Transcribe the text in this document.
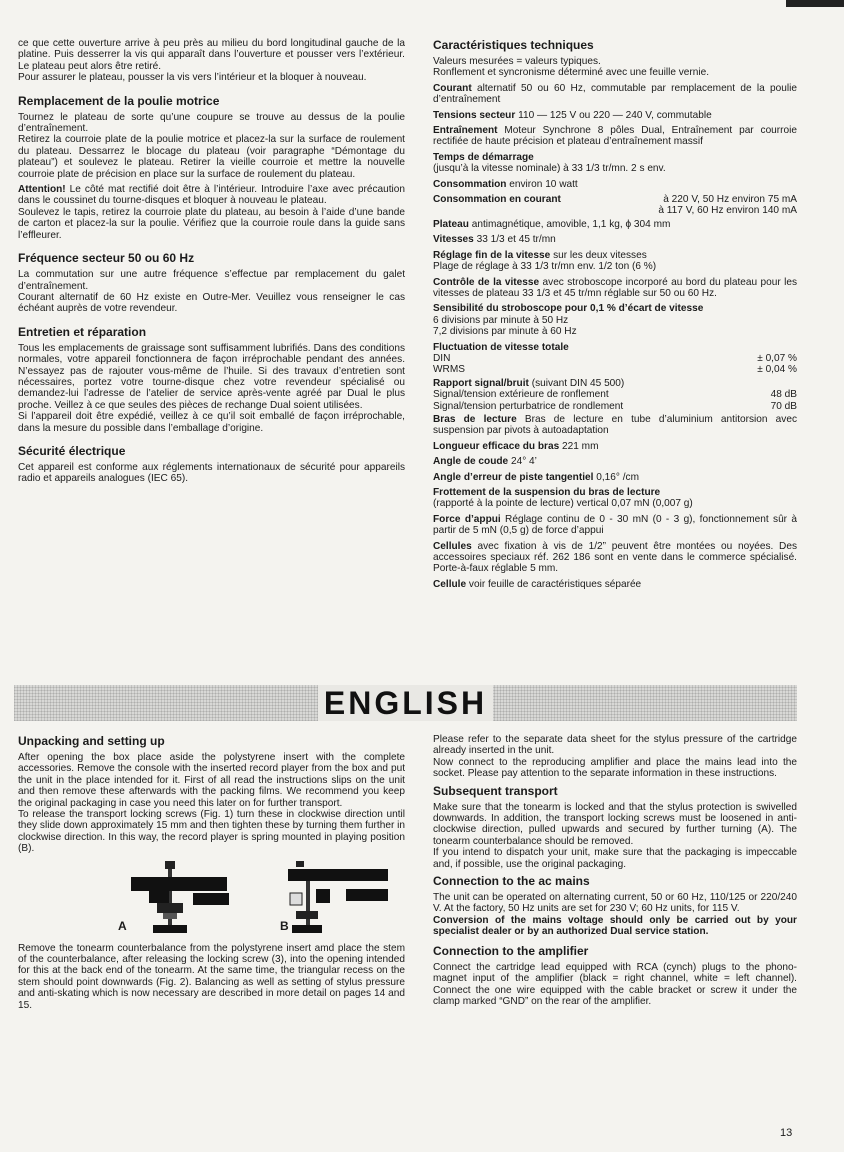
ce que cette ouverture arrive à peu près au milieu du bord longitudinal gauche de la platine. Puis desserrer la vis qui apparaît dans l’ouverture et pousser vers l’extérieur. Le plateau peut alors être retiré.

Pour assurer le plateau, pousser la vis vers l’intérieur et la bloquer à nouveau.

Remplacement de la poulie motrice

Tournez le plateau de sorte qu’une coupure se trouve au dessus de la poulie d’entraînement.

Retirez la courroie plate de la poulie motrice et placez-la sur la surface de roulement du plateau. Dessarrez le blocage du plateau (voir paragraphe “Démontage du plateau”) et soulevez le plateau. Retirer la vieille courroie et mettre la nouvelle courroie plate de précision en place sur la surface de roulement du plateau.

Attention! Le côté mat rectifié doit être à l’intérieur. Introduire l’axe avec précaution dans le coussinet du tourne-disques et bloquer à nouveau le plateau.

Soulevez le tapis, retirez la courroie plate du plateau, au besoin à l’aide d’une bande de carton et placez-la sur la poulie. Vérifiez que la courroie roule dans la guide sans l’effleurer.

Fréquence secteur 50 ou 60 Hz

La commutation sur une autre fréquence s’effectue par remplacement du galet d’entraînement.

Courant alternatif de 60 Hz existe en Outre-Mer. Veuillez vous renseigner le cas échéant auprès de votre revendeur.

Entretien et réparation

Tous les emplacements de graissage sont suffisamment lubrifiés. Dans des conditions normales, votre appareil fonctionnera de façon irréprochable pendant des années. N’essayez pas de rajouter vous-même de l’huile. Si des travaux d’entretien sont nécessaires, portez votre tourne-disque chez votre revendeur spécialisé ou demandez-lui l’adresse de l’atelier de service après-vente agréé par Dual le plus proche. Veillez à ce que seules des pièces de rechange Dual soient utilisées.

Si l’appareil doit être expédié, veillez à ce qu’il soit emballé de façon irréprochable, dans la mesure du possible dans l’emballage d’origine.

Sécurité électrique

Cet appareil est conforme aux réglements internationaux de sécurité pour appareils radio et appareils analogues (IEC 65).

Caractéristiques techniques

Valeurs mesurées = valeurs typiques.

Ronflement et syncronisme déterminé avec une feuille vernie.

Courant alternatif 50 ou 60 Hz, commutable par remplacement de la poulie d’entraînement

Tensions secteur 110 — 125 V ou 220 — 240 V, commutable

Entraînement Moteur Synchrone 8 pôles Dual, Entraînement par courroie rectifiée de haute précision et plateau d’entraînement massif

Temps de démarrage
(jusqu’à la vitesse nominale) à 33 1/3 tr/mn. 2 s env.

Consommation environ 10 watt

Consommation en courant	à 220 V, 50 Hz environ 75 mA
à 117 V, 60 Hz environ 140 mA

Plateau antimagnétique, amovible, 1,1 kg, ϕ 304 mm

Vitesses 33 1/3 et 45 tr/mn

Réglage fin de la vitesse sur les deux vitesses
Plage de réglage à 33 1/3 tr/mn env. 1/2 ton (6 %)

Contrôle de la vitesse avec stroboscope incorporé au bord du plateau pour les vitesses de plateau 33 1/3 et 45 tr/mn réglable sur 50 ou 60 Hz.

Sensibilité du stroboscope pour 0,1 % d’écart de vitesse
6 divisions par minute à 50 Hz
7,2 divisions par minute à 60 Hz

Fluctuation de vitesse totale
DIN	± 0,07 %
WRMS	± 0,04 %
Rapport signal/bruit (suivant DIN 45 500)
Signal/tension extérieure de ronflement	48 dB
Signal/tension perturbatrice de rondlement	70 dB

Bras de lecture Bras de lecture en tube d’aluminium antitorsion avec suspension par pivots à autoadaptation

Longueur efficace du bras 221 mm

Angle de coude 24° 4’

Angle d’erreur de piste tangentiel 0,16° /cm

Frottement de la suspension du bras de lecture
(rapporté à la pointe de lecture) vertical 0,07 mN (0,007 g)

Force d’appui Réglage continu de 0 - 30 mN (0 - 3 g), fonctionnement sûr à partir de 5 mN (0,5 g) de force d’appui

Cellules avec fixation à vis de 1/2” peuvent être montées ou noyées. Des accessoires speciaux réf. 262 186 sont en vente dans le commerce spécialisé. Porte-à-faux réglable 5 mm.

Cellule voir feuille de caractéristiques séparée

ENGLISH
Unpacking and setting up

After opening the box place aside the polystyrene insert with the complete accessories. Remove the console with the inserted record player from the box and put the unit in the place intended for it. First of all read the instructions slips on the unit and then remove these afterwards with the packing films. We recommend you keep the original packaging in case you need this later on for further transport.

To release the transport locking screws (Fig. 1) turn these in clockwise direction until they slide down approximately 15 mm and then tighten these by turning them further in clockwise direction. In this way, the record player is spring mounted in playing position (B).

A	B

Remove the tonearm counterbalance from the polystyrene insert amd place the stem of the counterbalance, after releasing the locking screw (3), into the opening intended for this at the back end of the tonearm. At the same time, the triangular recess on the stem should point downwards (Fig. 2). Balancing as well as setting of stylus pressure and anti-skating which is now necessary are described in more detail on pages 14 and 15.

Please refer to the separate data sheet for the stylus pressure of the cartridge already inserted in the unit.

Now connect to the reproducing amplifier and place the mains lead into the socket. Please pay attention to the separate information in these instructions.

Subsequent transport

Make sure that the tonearm is locked and that the stylus protection is swivelled downwards. In addition, the transport locking screws must be loosened in anti-clockwise direction, pulled upwards and secured by further turning (A). The tonearm counterbalance should be removed.

If you intend to dispatch your unit, make sure that the packaging is impeccable and, if possible, use the original packaging.

Connection to the ac mains

The unit can be operated on alternating current, 50 or 60 Hz, 110/125 or 220/240 V. At the factory, 50 Hz units are set for 230 V; 60 Hz units, for 115 V.

Conversion of the mains voltage should only be carried out by your specialist dealer or by an authorized Dual service station.

Connection to the amplifier

Connect the cartridge lead equipped with RCA (cynch) plugs to the phono-magnet input of the amplifier (black = right channel, white = left channel). Connect the one wire equipped with the cable bracket or screw it under the clamp marked “GND” on the rear of the amplifier.

13
